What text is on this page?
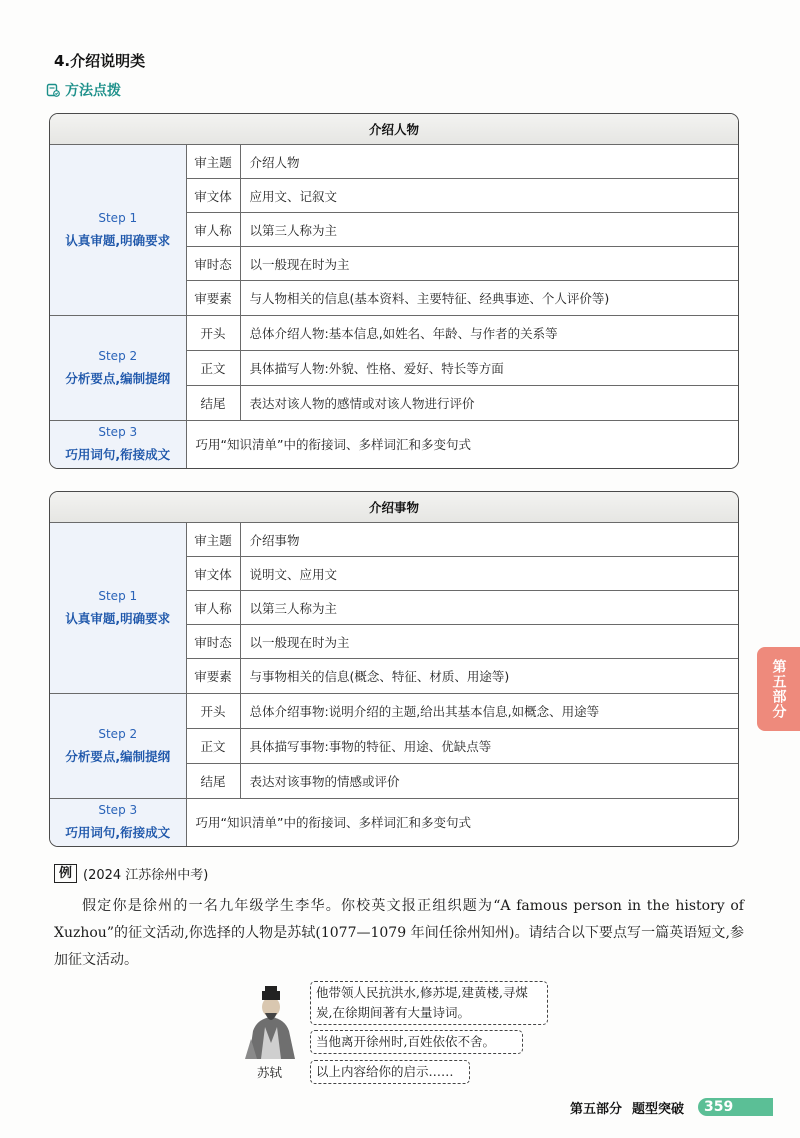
4.介绍说明类
方法点拨
介绍人物		

Step 1
认真审题,明确要求	审主题	介绍人物
	审文体	应用文、记叙文
	审人称	以第三人称为主
	审时态	以一般现在时为主
	审要素	与人物相关的信息(基本资料、主要特征、经典事迹、个人评价等)

Step 2
分析要点,编制提纲	开头	总体介绍人物:基本信息,如姓名、年龄、与作者的关系等
	正文	具体描写人物:外貌、性格、爱好、特长等方面
	结尾	表达对该人物的感情或对该人物进行评价

Step 3
巧用词句,衔接成文	巧用“知识清单”中的衔接词、多样词汇和多变句式	
介绍事物		

Step 1
认真审题,明确要求	审主题	介绍事物
	审文体	说明文、应用文
	审人称	以第三人称为主
	审时态	以一般现在时为主
	审要素	与事物相关的信息(概念、特征、材质、用途等)

Step 2
分析要点,编制提纲	开头	总体介绍事物:说明介绍的主题,给出其基本信息,如概念、用途等
	正文	具体描写事物:事物的特征、用途、优缺点等
	结尾	表达对该事物的情感或评价

Step 3
巧用词句,衔接成文	巧用“知识清单”中的衔接词、多样词汇和多变句式	
例 (2024 江苏徐州中考)
假定你是徐州的一名九年级学生李华。你校英文报正组织题为“A famous person in the history of Xuzhou”的征文活动,你选择的人物是苏轼(1077—1079 年间任徐州知州)。请结合以下要点写一篇英语短文,参加征文活动。
苏轼
他带领人民抗洪水,修苏堤,建黄楼,寻煤炭,在徐期间著有大量诗词。
当他离开徐州时,百姓依依不舍。
以上内容给你的启示……
第五部分
第五部分 题型突破	359
